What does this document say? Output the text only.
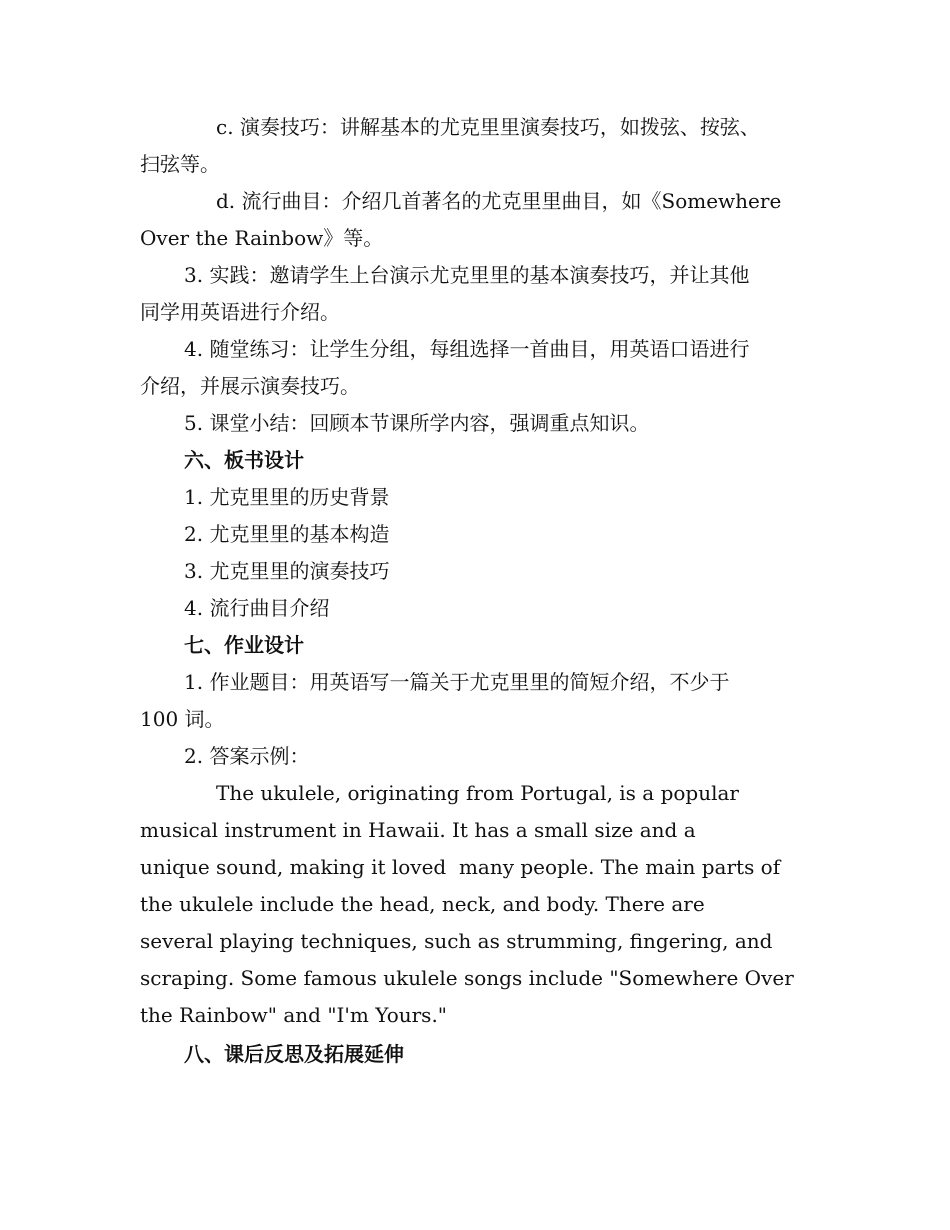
c. 演奏技巧：讲解基本的尤克里里演奏技巧，如拨弦、按弦、
扫弦等。
d. 流行曲目：介绍几首著名的尤克里里曲目，如《Somewhere
Over the Rainbow》等。
3. 实践：邀请学生上台演示尤克里里的基本演奏技巧，并让其他
同学用英语进行介绍。
4. 随堂练习：让学生分组，每组选择一首曲目，用英语口语进行
介绍，并展示演奏技巧。
5. 课堂小结：回顾本节课所学内容，强调重点知识。
六、板书设计
1. 尤克里里的历史背景
2. 尤克里里的基本构造
3. 尤克里里的演奏技巧
4. 流行曲目介绍
七、作业设计
1. 作业题目：用英语写一篇关于尤克里里的简短介绍，不少于
100 词。
2. 答案示例：
The ukulele, originating from Portugal, is a popular
musical instrument in Hawaii. It has a small size and a
unique sound, making it loved  many people. The main parts of
the ukulele include the head, neck, and body. There are
several playing techniques, such as strumming, fingering, and
scraping. Some famous ukulele songs include "Somewhere Over
the Rainbow" and "I'm Yours."
八、课后反思及拓展延伸
